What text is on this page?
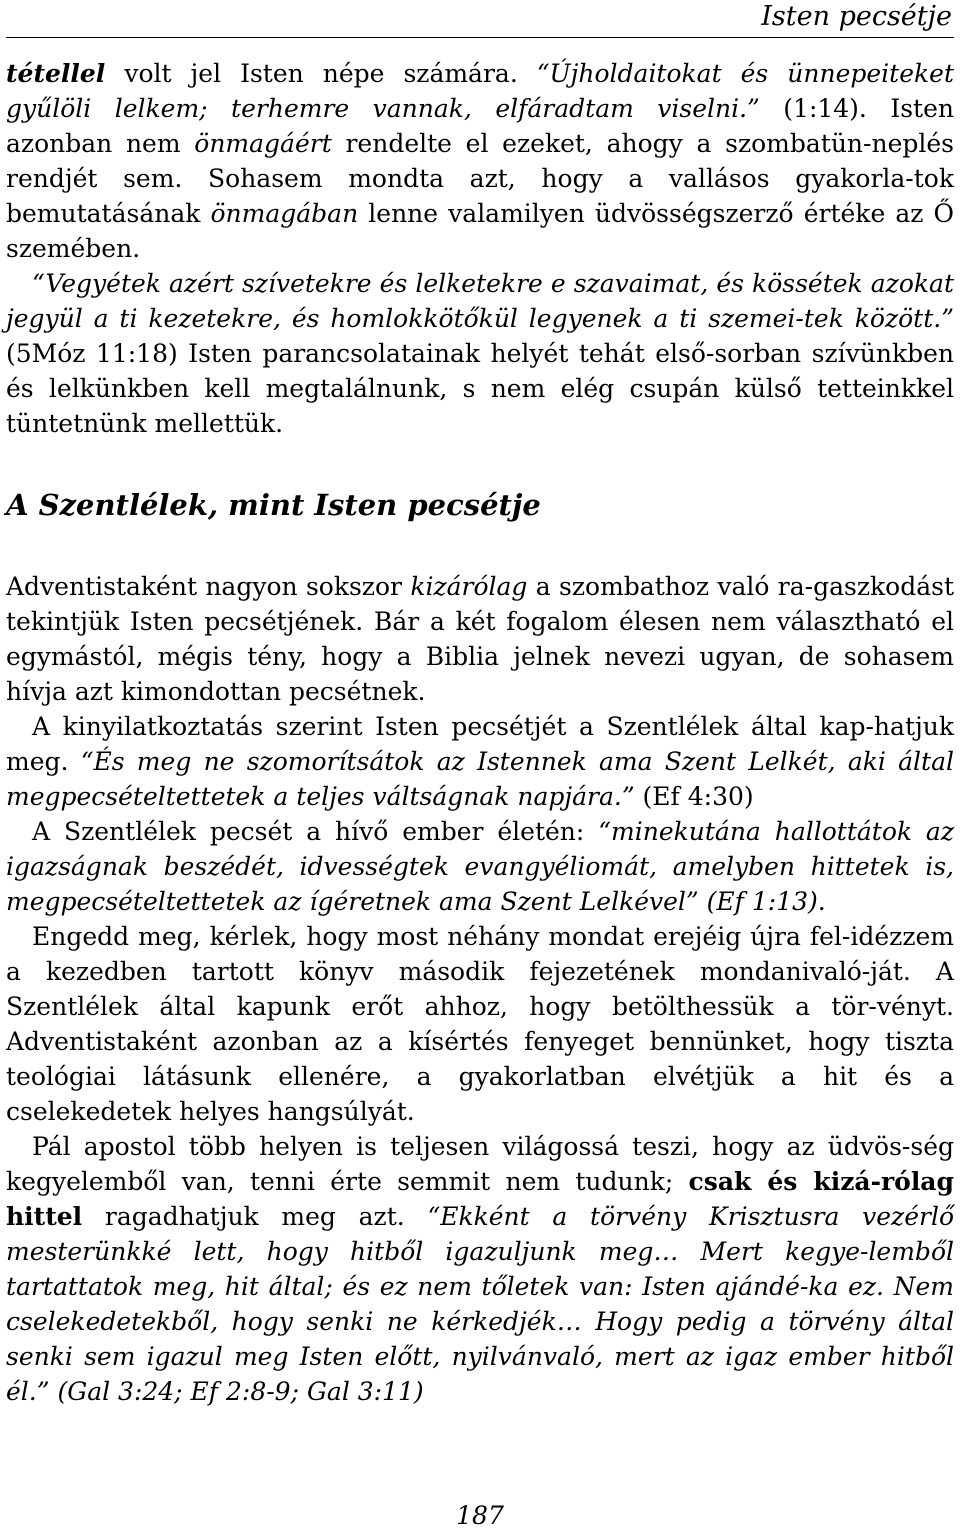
Isten pecsétje

tétellel volt jel Isten népe számára. “Újholdaitokat és ünnepeiteket gyűlöli lelkem; terhemre vannak, elfáradtam viselni.” (1:14). Isten azonban nem önmagáért rendelte el ezeket, ahogy a szombatün-neplés rendjét sem. Sohasem mondta azt, hogy a vallásos gyakorla-tok bemutatásának önmagában lenne valamilyen üdvösségszerző értéke az Ő szemében.

“Vegyétek azért szívetekre és lelketekre e szavaimat, és kössétek azokat jegyül a ti kezetekre, és homlokkötőkül legyenek a ti szemei-tek között.” (5Móz 11:18) Isten parancsolatainak helyét tehát első-sorban szívünkben és lelkünkben kell megtalálnunk, s nem elég csupán külső tetteinkkel tüntetnünk mellettük.

A Szentlélek, mint Isten pecsétje

Adventistaként nagyon sokszor kizárólag a szombathoz való ra-gaszkodást tekintjük Isten pecsétjének. Bár a két fogalom élesen nem választható el egymástól, mégis tény, hogy a Biblia jelnek nevezi ugyan, de sohasem hívja azt kimondottan pecsétnek.

A kinyilatkoztatás szerint Isten pecsétjét a Szentlélek által kap-hatjuk meg. “És meg ne szomorítsátok az Istennek ama Szent Lelkét, aki által megpecsételtettetek a teljes váltságnak napjára.” (Ef 4:30)

A Szentlélek pecsét a hívő ember életén: “minekutána hallottátok az igazságnak beszédét, idvességtek evangyéliomát, amelyben hittetek is, megpecsételtettetek az ígéretnek ama Szent Lelkével” (Ef 1:13).

Engedd meg, kérlek, hogy most néhány mondat erejéig újra fel-idézzem a kezedben tartott könyv második fejezetének mondanivaló-ját. A Szentlélek által kapunk erőt ahhoz, hogy betölthessük a tör-vényt. Adventistaként azonban az a kísértés fenyeget bennünket, hogy tiszta teológiai látásunk ellenére, a gyakorlatban elvétjük a hit és a cselekedetek helyes hangsúlyát.

Pál apostol több helyen is teljesen világossá teszi, hogy az üdvös-ség kegyelemből van, tenni érte semmit nem tudunk; csak és kizá-rólag hittel ragadhatjuk meg azt. “Ekként a törvény Krisztusra vezérlő mesterünkké lett, hogy hitből igazuljunk meg… Mert kegye-lemből tartattatok meg, hit által; és ez nem tőletek van: Isten ajándé-ka ez. Nem cselekedetekből, hogy senki ne kérkedjék… Hogy pedig a törvény által senki sem igazul meg Isten előtt, nyilvánvaló, mert az igaz ember hitből él.” (Gal 3:24; Ef 2:8-9; Gal 3:11)

187
